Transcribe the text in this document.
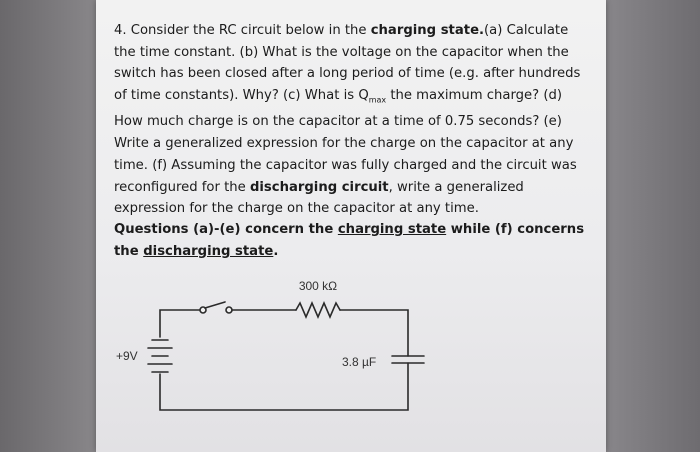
4. Consider the RC circuit below in the charging state.(a) Calculate the time constant. (b) What is the voltage on the capacitor when the switch has been closed after a long period of time (e.g. after hundreds of time constants). Why? (c) What is $Q_{max}$ the maximum charge? (d) How much charge is on the capacitor at a time of 0.75 seconds? (e) Write a generalized expression for the charge on the capacitor at any time. (f) Assuming the capacitor was fully charged and the circuit was reconfigured for the discharging circuit, write a generalized expression for the charge on the capacitor at any time.

Questions (a)-(e) concern the charging state while (f) concerns the discharging state.

300 kΩ
+9V	3.8 µF
